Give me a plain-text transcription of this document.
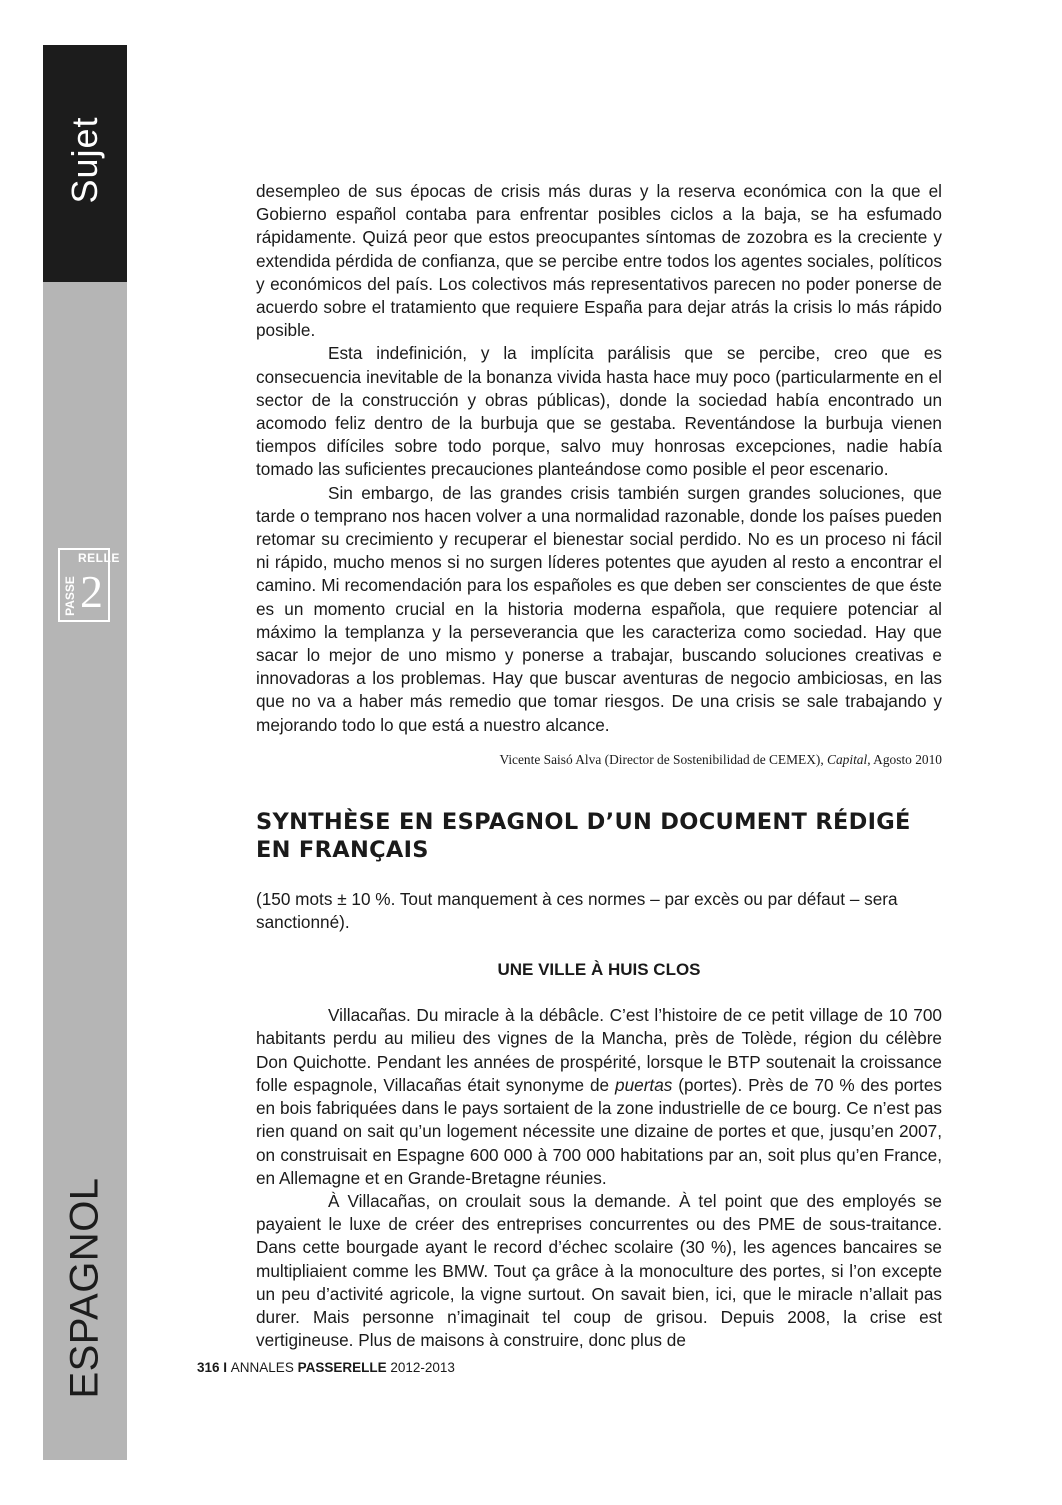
Sujet
RELLE
PASSE 2
ESPAGNOL

desempleo de sus épocas de crisis más duras y la reserva económica con la que el Gobierno español contaba para enfrentar posibles ciclos a la baja, se ha esfumado rápidamente. Quizá peor que estos preocupantes síntomas de zozobra es la creciente y extendida pérdida de confianza, que se percibe entre todos los agentes sociales, políticos y económicos del país. Los colectivos más representativos parecen no poder ponerse de acuerdo sobre el tratamiento que requiere España para dejar atrás la crisis lo más rápido posible.

Esta indefinición, y la implícita parálisis que se percibe, creo que es consecuencia inevitable de la bonanza vivida hasta hace muy poco (particularmente en el sector de la construcción y obras públicas), donde la sociedad había encontrado un acomodo feliz dentro de la burbuja que se gestaba. Reventándose la burbuja vienen tiempos difíciles sobre todo porque, salvo muy honrosas excepciones, nadie había tomado las suficientes precauciones planteándose como posible el peor escenario.

Sin embargo, de las grandes crisis también surgen grandes soluciones, que tarde o temprano nos hacen volver a una normalidad razonable, donde los países pueden retomar su crecimiento y recuperar el bienestar social perdido. No es un proceso ni fácil ni rápido, mucho menos si no surgen líderes potentes que ayuden al resto a encontrar el camino. Mi recomendación para los españoles es que deben ser conscientes de que éste es un momento crucial en la historia moderna española, que requiere potenciar al máximo la templanza y la perseverancia que les caracteriza como sociedad. Hay que sacar lo mejor de uno mismo y ponerse a trabajar, buscando soluciones creativas e innovadoras a los problemas. Hay que buscar aventuras de negocio ambiciosas, en las que no va a haber más remedio que tomar riesgos. De una crisis se sale trabajando y mejorando todo lo que está a nuestro alcance.

Vicente Saisó Alva (Director de Sostenibilidad de CEMEX), Capital, Agosto 2010

SYNTHÈSE EN ESPAGNOL D’UN DOCUMENT RÉDIGÉ EN FRANÇAIS

(150 mots ± 10 %. Tout manquement à ces normes – par excès ou par défaut – sera sanctionné).

UNE VILLE À HUIS CLOS

Villacañas. Du miracle à la débâcle. C’est l’histoire de ce petit village de 10 700 habitants perdu au milieu des vignes de la Mancha, près de Tolède, région du célèbre Don Quichotte. Pendant les années de prospérité, lorsque le BTP soutenait la croissance folle espagnole, Villacañas était synonyme de puertas (portes). Près de 70 % des portes en bois fabriquées dans le pays sortaient de la zone industrielle de ce bourg. Ce n’est pas rien quand on sait qu’un logement nécessite une dizaine de portes et que, jusqu’en 2007, on construisait en Espagne 600 000 à 700 000 habitations par an, soit plus qu’en France, en Allemagne et en Grande-Bretagne réunies.

À Villacañas, on croulait sous la demande. À tel point que des employés se payaient le luxe de créer des entreprises concurrentes ou des PME de sous-traitance. Dans cette bourgade ayant le record d’échec scolaire (30 %), les agences bancaires se multipliaient comme les BMW. Tout ça grâce à la monoculture des portes, si l’on excepte un peu d’activité agricole, la vigne surtout. On savait bien, ici, que le miracle n’allait pas durer. Mais personne n’imaginait tel coup de grisou. Depuis 2008, la crise est vertigineuse. Plus de maisons à construire, donc plus de

316 I ANNALES PASSERELLE 2012-2013
